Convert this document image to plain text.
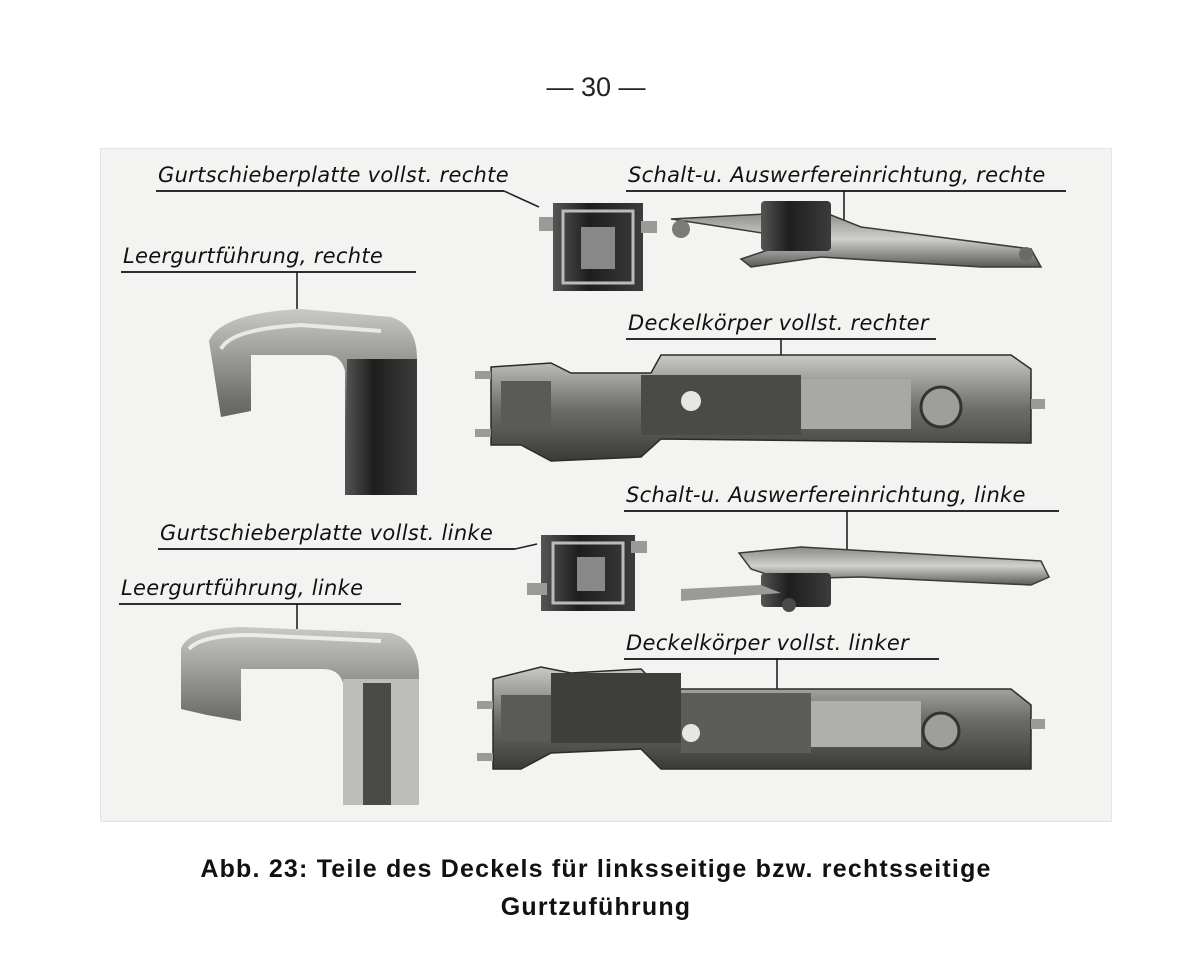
— 30 —
Gurtschieberplatte vollst. rechte	Schalt-u. Auswerfereinrichtung, rechte
Leergurtführung, rechte
Deckelkörper vollst. rechter
Schalt-u. Auswerfereinrichtung, linke
Gurtschieberplatte vollst. linke
Leergurtführung, linke
Deckelkörper vollst. linker
Abb. 23: Teile des Deckels für linksseitige bzw. rechtsseitige
Gurtzuführung
